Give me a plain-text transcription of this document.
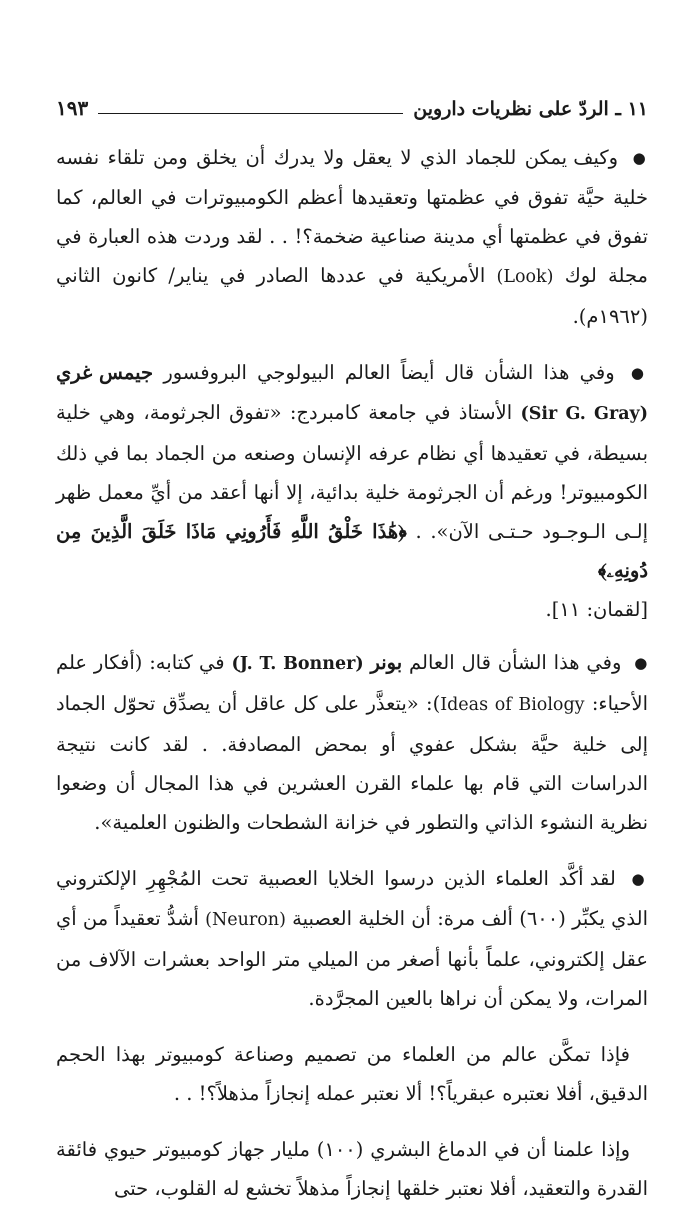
١١ ـ الردّ على نظريات داروين
١٩٣

● وكيف يمكن للجماد الذي لا يعقل ولا يدرك أن يخلق ومن تلقاء نفسه خلية حيَّة تفوق في عظمتها وتعقيدها أعظم الكومبيوترات في العالم، كما تفوق في عظمتها أي مدينة صناعية ضخمة؟! . . لقد وردت هذه العبارة في مجلة لوك (Look) الأمريكية في عددها الصادر في يناير/ كانون الثاني (١٩٦٢م).

● وفي هذا الشأن قال أيضاً العالم البيولوجي البروفسور جيمس غري (Sir G. Gray) الأستاذ في جامعة كامبردج: «تفوق الجرثومة، وهي خلية بسيطة، في تعقيدها أي نظام عرفه الإنسان وصنعه من الجماد بما في ذلك الكومبيوتر! ورغم أن الجرثومة خلية بدائية، إلا أنها أعقد من أيِّ معمل ظهر إلـى الـوجـود حـتـى الآن». . ﴿هَٰذَا خَلْقُ اللَّهِ فَأَرُونِي مَاذَا خَلَقَ الَّذِينَ مِن دُونِهِۦ﴾
[لقمان: ١١].

● وفي هذا الشأن قال العالم بونر (J. T. Bonner) في كتابه: (أفكار علم الأحياء: Ideas of Biology): «يتعذَّر على كل عاقل أن يصدِّق تحوّل الجماد إلى خلية حيَّة بشكل عفوي أو بمحض المصادفة. . لقد كانت نتيجة الدراسات التي قام بها علماء القرن العشرين في هذا المجال أن وضعوا نظرية النشوء الذاتي والتطور في خزانة الشطحات والظنون العلمية».

● لقد أكَّد العلماء الذين درسوا الخلايا العصبية تحت المُجْهِرِ الإلكتروني الذي يكبِّر (٦٠٠) ألف مرة: أن الخلية العصبية (Neuron) أشدُّ تعقيداً من أي عقل إلكتروني، علماً بأنها أصغر من الميلي متر الواحد بعشرات الآلاف من المرات، ولا يمكن أن نراها بالعين المجرَّدة.

فإذا تمكَّن عالم من العلماء من تصميم وصناعة كومبيوتر بهذا الحجم الدقيق، أفلا نعتبره عبقرياً؟! ألا نعتبر عمله إنجازاً مذهلاً؟! . .

وإذا علمنا أن في الدماغ البشري (١٠٠) مليار جهاز كومبيوتر حيوي فائقة القدرة والتعقيد، أفلا نعتبر خلقها إنجازاً مذهلاً تخشع له القلوب، حتى
